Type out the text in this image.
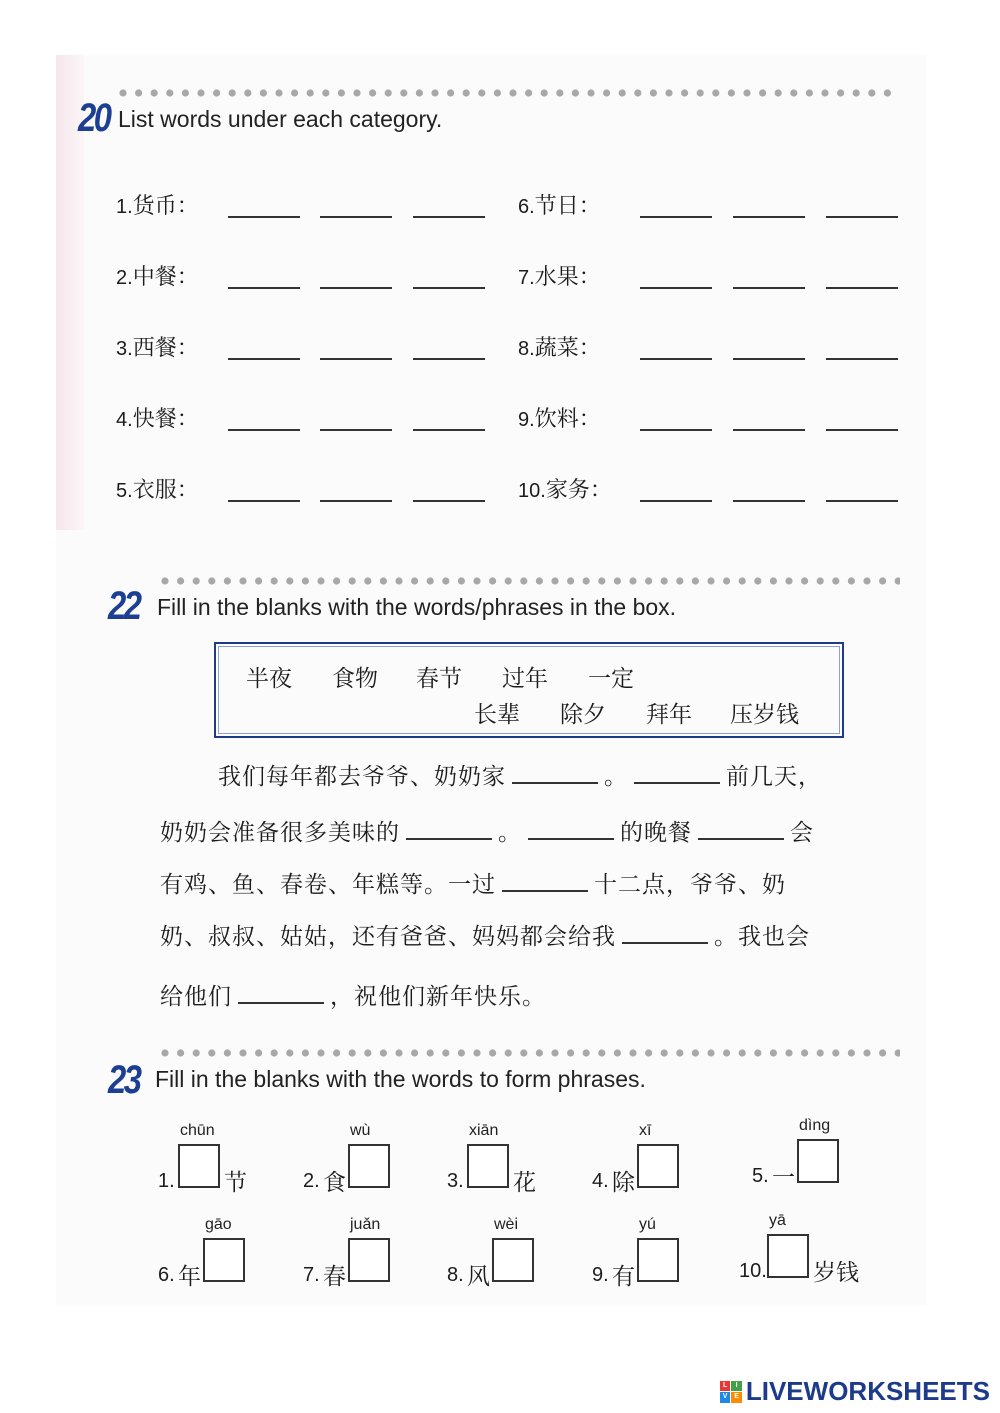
20 List words under each category.
22 Fill in the blanks with the words/phrases in the box.
半夜 食物 春节 过年 一定
长辈 除夕 拜年 压岁钱
我们每年都去爷爷、奶奶家	。	前几天，
奶奶会准备很多美味的	。	的晚餐	会
有鸡、鱼、春卷、年糕等。一过	十二点，爷爷、奶
奶、叔叔、姑姑，还有爸爸、妈妈都会给我	。我也会
给他们	，祝他们新年快乐。
23 Fill in the blanks with the words to form phrases.
L	I
V E LIVEWORKSHEETS
1.货币：
2.中餐：
3.西餐：
4.快餐：
5.衣服：
6.节日：
7.水果：
8.蔬菜：
9.饮料：
10.家务：
1. 节
chūn
2. 食
wù
3. 花
xiān
4. 除
xī
5. 一
dìng
6. 年
gāo
7. 春
juǎn
8. 风
wèi
9. 有
yú
10. 岁钱
yā
